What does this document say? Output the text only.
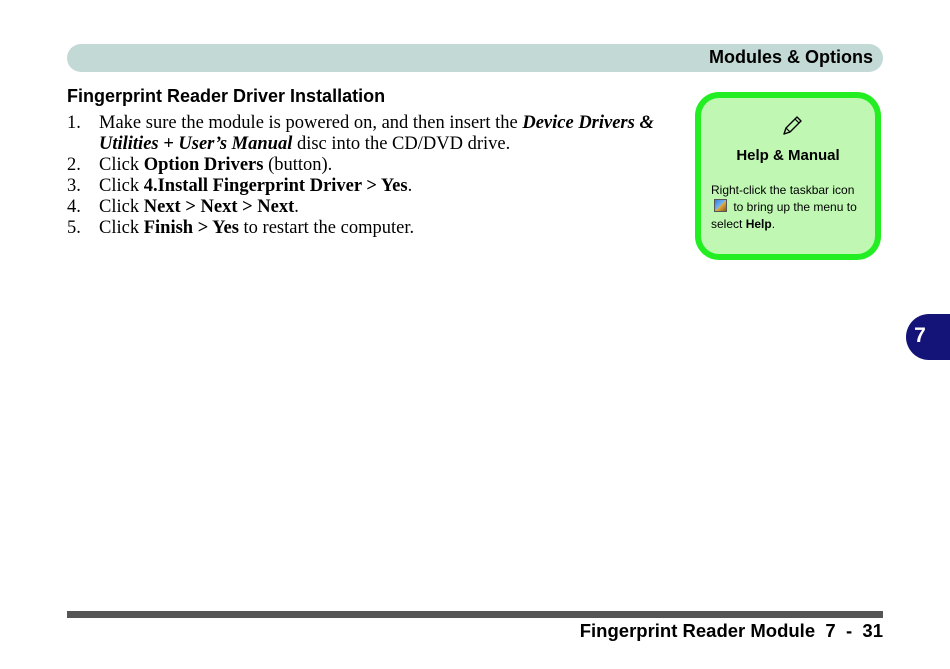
Modules & Options
Fingerprint Reader Driver Installation
1. Make sure the module is powered on, and then insert the Device Drivers & Utilities + User’s Manual disc into the CD/DVD drive.
2. Click Option Drivers (button).
3. Click 4.Install Fingerprint Driver > Yes.
4. Click Next > Next > Next.
5. Click Finish > Yes to restart the computer.
Help & Manual
Right-click the taskbar icon
to bring up the menu to select Help.
7
Fingerprint Reader Module 7  -  31
